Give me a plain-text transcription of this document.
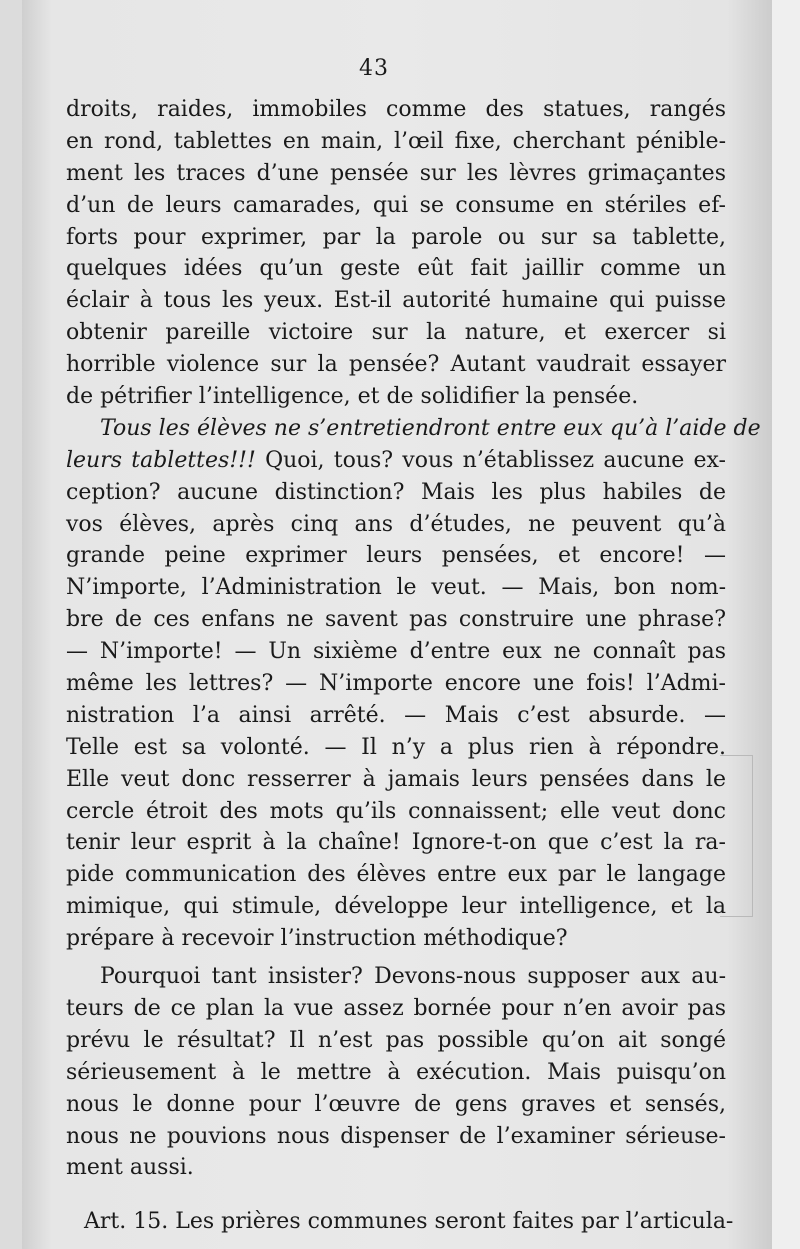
43
droits, raides, immobiles comme des statues, rangés
en rond, tablettes en main, l’œil fixe, cherchant pénible-
ment les traces d’une pensée sur les lèvres grimaçantes
d’un de leurs camarades, qui se consume en stériles ef-
forts pour exprimer, par la parole ou sur sa tablette,
quelques idées qu’un geste eût fait jaillir comme un
éclair à tous les yeux. Est-il autorité humaine qui puisse
obtenir pareille victoire sur la nature, et exercer si
horrible violence sur la pensée? Autant vaudrait essayer
de pétrifier l’intelligence, et de solidifier la pensée.
Tous les élèves ne s’entretiendront entre eux qu’à l’aide de
leurs tablettes!!! Quoi, tous? vous n’établissez aucune ex-
ception? aucune distinction? Mais les plus habiles de
vos élèves, après cinq ans d’études, ne peuvent qu’à
grande peine exprimer leurs pensées, et encore! —
N’importe, l’Administration le veut. — Mais, bon nom-
bre de ces enfans ne savent pas construire une phrase?
— N’importe! — Un sixième d’entre eux ne connaît pas
même les lettres? — N’importe encore une fois! l’Admi-
nistration l’a ainsi arrêté. — Mais c’est absurde. —
Telle est sa volonté. — Il n’y a plus rien à répondre.
Elle veut donc resserrer à jamais leurs pensées dans le
cercle étroit des mots qu’ils connaissent; elle veut donc
tenir leur esprit à la chaîne! Ignore-t-on que c’est la ra-
pide communication des élèves entre eux par le langage
mimique, qui stimule, développe leur intelligence, et la
prépare à recevoir l’instruction méthodique?
Pourquoi tant insister? Devons-nous supposer aux au-
teurs de ce plan la vue assez bornée pour n’en avoir pas
prévu le résultat? Il n’est pas possible qu’on ait songé
sérieusement à le mettre à exécution. Mais puisqu’on
nous le donne pour l’œuvre de gens graves et sensés,
nous ne pouvions nous dispenser de l’examiner sérieuse-
ment aussi.
Art. 15. Les prières communes seront faites par l’articula-
